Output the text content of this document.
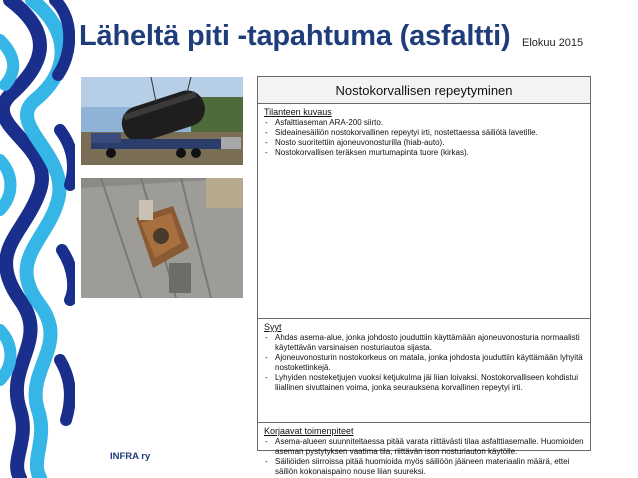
Läheltä piti -tapahtuma (asfaltti) Elokuu 2015
Nostokorvallisen repeytyminen
Tilanteen kuvaus
- Asfalttiaseman ARA-200 siirto.
- Sideainesäiliön nostokorvallinen repeytyi irti, nostettaessa säiliötä lavetille.
- Nosto suoritettiin ajoneuvonosturilla (hiab-auto).
- Nostokorvallisen teräksen murtumapinta tuore (kirkas).
Syyt
- Ahdas asema-alue, jonka johdosto jouduttiin käyttämään ajoneuvonosturia normaalisti käytettävän varsinaisen nosturiautoa sijasta.
- Ajoneuvonosturin nostokorkeus on matala, jonka johdosta jouduttiin käyttämään lyhyitä nostokettinkejä.
- Lyhyiden nosteketjujen vuoksi ketjukulma jäi liian loivaksi. Nostokorvalliseen kohdistui liiallinen sivuttainen voima, jonka seurauksena korvallinen repeytyi irti.
Korjaavat toimenpiteet
- Asema-alueen suunniteltaessa pitää varata riittävästi tilaa asfalttiasemalle. Huomioiden aseman pystytyksen vaatima tila, riittävän ison nosturiauton käytölle.
- Säiliöiden siirroissa pitää huomioida myös säiliöön jääneen materiaalin määrä, ettei säiliön kokonaispaino nouse liian suureksi.
INFRA ry
